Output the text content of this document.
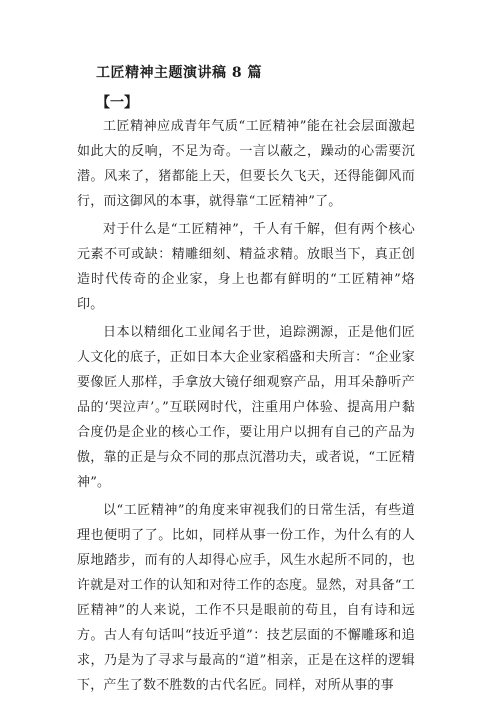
工匠精神主题演讲稿 8 篇
【一】

工匠精神应成青年气质“工匠精神”能在社会层面激起如此大的反响，不足为奇。一言以蔽之，躁动的心需要沉潜。风来了，猪都能上天，但要长久飞天，还得能御风而行，而这御风的本事，就得靠“工匠精神”了。

对于什么是“工匠精神”，千人有千解，但有两个核心元素不可或缺：精雕细刻、精益求精。放眼当下，真正创造时代传奇的企业家，身上也都有鲜明的“工匠精神”烙印。

日本以精细化工业闻名于世，追踪溯源，正是他们匠人文化的底子，正如日本大企业家稻盛和夫所言：“企业家要像匠人那样，手拿放大镜仔细观察产品，用耳朵静听产品的‘哭泣声’。”互联网时代，注重用户体验、提高用户黏合度仍是企业的核心工作，要让用户以拥有自己的产品为傲，靠的正是与众不同的那点沉潜功夫，或者说，“工匠精神”。

以“工匠精神”的角度来审视我们的日常生活，有些道理也便明了了。比如，同样从事一份工作，为什么有的人原地踏步，而有的人却得心应手，风生水起所不同的，也许就是对工作的认知和对待工作的态度。显然，对具备“工匠精神”的人来说，工作不只是眼前的苟且，自有诗和远方。古人有句话叫“技近乎道”：技艺层面的不懈雕琢和追求，乃是为了寻求与最高的“道”相亲，正是在这样的逻辑下，产生了数不胜数的古代名匠。同样，对所从事的事
